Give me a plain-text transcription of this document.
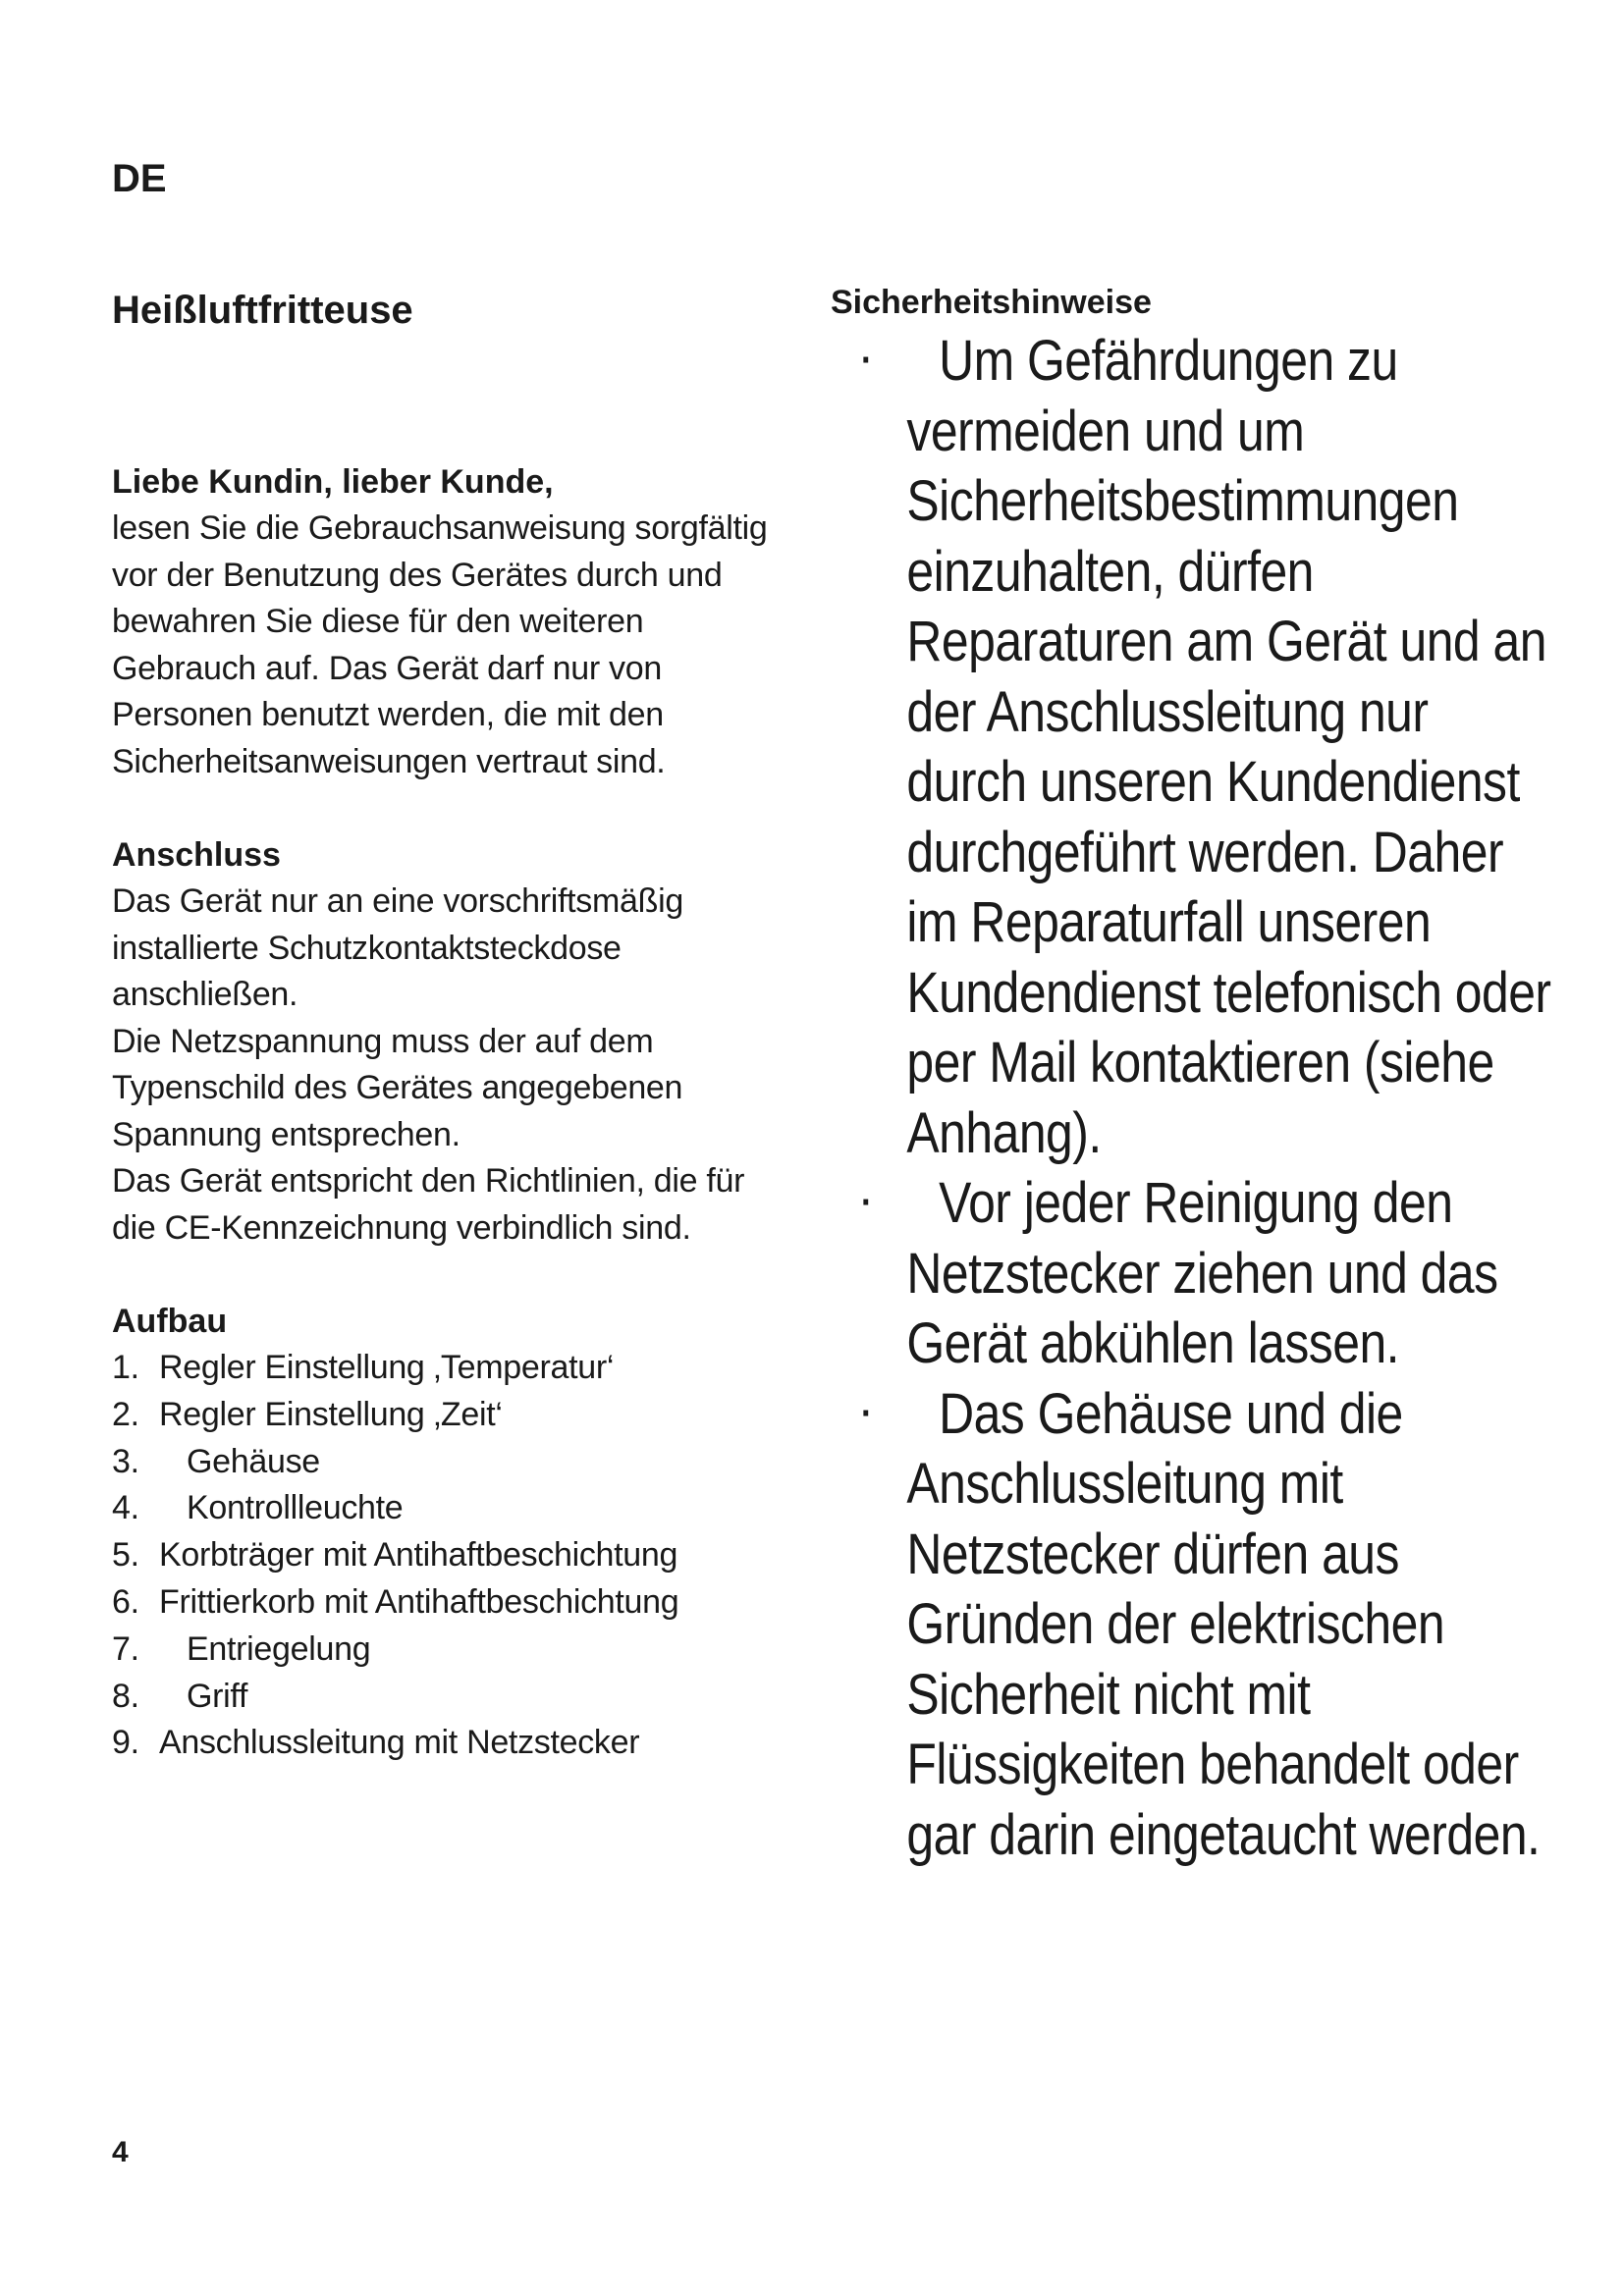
DE
Heißluftfritteuse
Liebe Kundin, lieber Kunde,

lesen Sie die Gebrauchsanweisung sorgfältig vor der Benutzung des Gerätes durch und bewahren Sie diese für den weiteren Gebrauch auf. Das Gerät darf nur von Personen benutzt werden, die mit den Sicherheitsanweisungen vertraut sind.

Anschluss

Das Gerät nur an eine vorschriftsmäßig installierte Schutzkontaktsteckdose anschließen.

Die Netzspannung muss der auf dem Typenschild des Gerätes angegebenen Spannung entsprechen.

Das Gerät entspricht den Richtlinien, die für die CE-Kennzeichnung verbindlich sind.

Aufbau
1. Regler Einstellung ‚Temperatur‘
2. Regler Einstellung ‚Zeit‘
3.	Gehäuse
4.	Kontrollleuchte
5. Korbträger mit Antihaftbeschichtung
6. Frittierkorb mit Antihaftbeschichtung
7.	Entriegelung
8.	Griff
9. Anschlussleitung mit Netzstecker
Sicherheitshinweise
·	Um Gefährdungen zu vermeiden und um Sicherheitsbestimmungen einzuhalten, dürfen Reparaturen am Gerät und an der Anschlussleitung nur durch unseren Kundendienst durchgeführt werden. Daher im Reparaturfall unseren Kundendienst telefonisch oder per Mail kontaktieren (siehe Anhang).
·	Vor jeder Reinigung den Netzstecker ziehen und das Gerät abkühlen lassen.
·	Das Gehäuse und die Anschlussleitung mit Netzstecker dürfen aus Gründen der elektrischen Sicherheit nicht mit Flüssigkeiten behandelt oder gar darin eingetaucht werden.

4
